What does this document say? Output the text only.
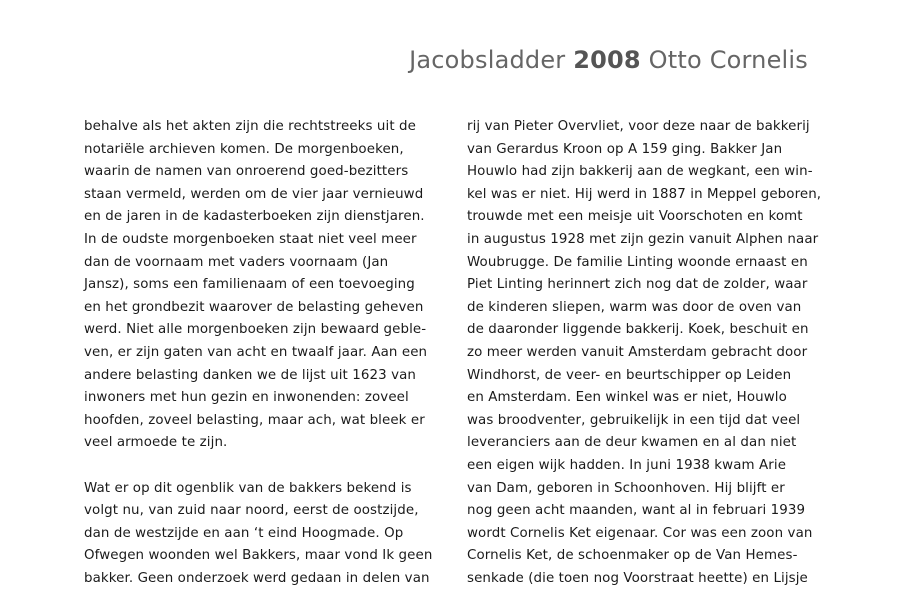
Jacobsladder 2008 Otto Cornelis
behalve als het akten zijn die rechtstreeks uit de
notariële archieven komen. De morgenboeken,
waarin de namen van onroerend goed-bezitters
staan vermeld, werden om de vier jaar vernieuwd
en de jaren in de kadasterboeken zijn dienstjaren.
In de oudste morgenboeken staat niet veel meer
dan de voornaam met vaders voornaam (Jan
Jansz), soms een familienaam of een toevoeging
en het grondbezit waarover de belasting geheven
werd. Niet alle morgenboeken zijn bewaard geble-
ven, er zijn gaten van acht en twaalf jaar. Aan een
andere belasting danken we de lijst uit 1623 van
inwoners met hun gezin en inwonenden: zoveel
hoofden, zoveel belasting, maar ach, wat bleek er
veel armoede te zijn.
Wat er op dit ogenblik van de bakkers bekend is
volgt nu, van zuid naar noord, eerst de oostzijde,
dan de westzijde en aan ‘t eind Hoogmade. Op
Ofwegen woonden wel Bakkers, maar vond Ik geen
bakker. Geen onderzoek werd gedaan in delen van
rij van Pieter Overvliet, voor deze naar de bakkerij
van Gerardus Kroon op A 159 ging. Bakker Jan
Houwlo had zijn bakkerij aan de wegkant, een win-
kel was er niet. Hij werd in 1887 in Meppel geboren,
trouwde met een meisje uit Voorschoten en komt
in augustus 1928 met zijn gezin vanuit Alphen naar
Woubrugge. De familie Linting woonde ernaast en
Piet Linting herinnert zich nog dat de zolder, waar
de kinderen sliepen, warm was door de oven van
de daaronder liggende bakkerij. Koek, beschuit en
zo meer werden vanuit Amsterdam gebracht door
Windhorst, de veer- en beurtschipper op Leiden
en Amsterdam. Een winkel was er niet, Houwlo
was broodventer, gebruikelijk in een tijd dat veel
leveranciers aan de deur kwamen en al dan niet
een eigen wijk hadden. In juni 1938 kwam Arie
van Dam, geboren in Schoonhoven. Hij blijft er
nog geen acht maanden, want al in februari 1939
wordt Cornelis Ket eigenaar. Cor was een zoon van
Cornelis Ket, de schoenmaker op de Van Hemes-
senkade (die toen nog Voorstraat heette) en Lijsje
